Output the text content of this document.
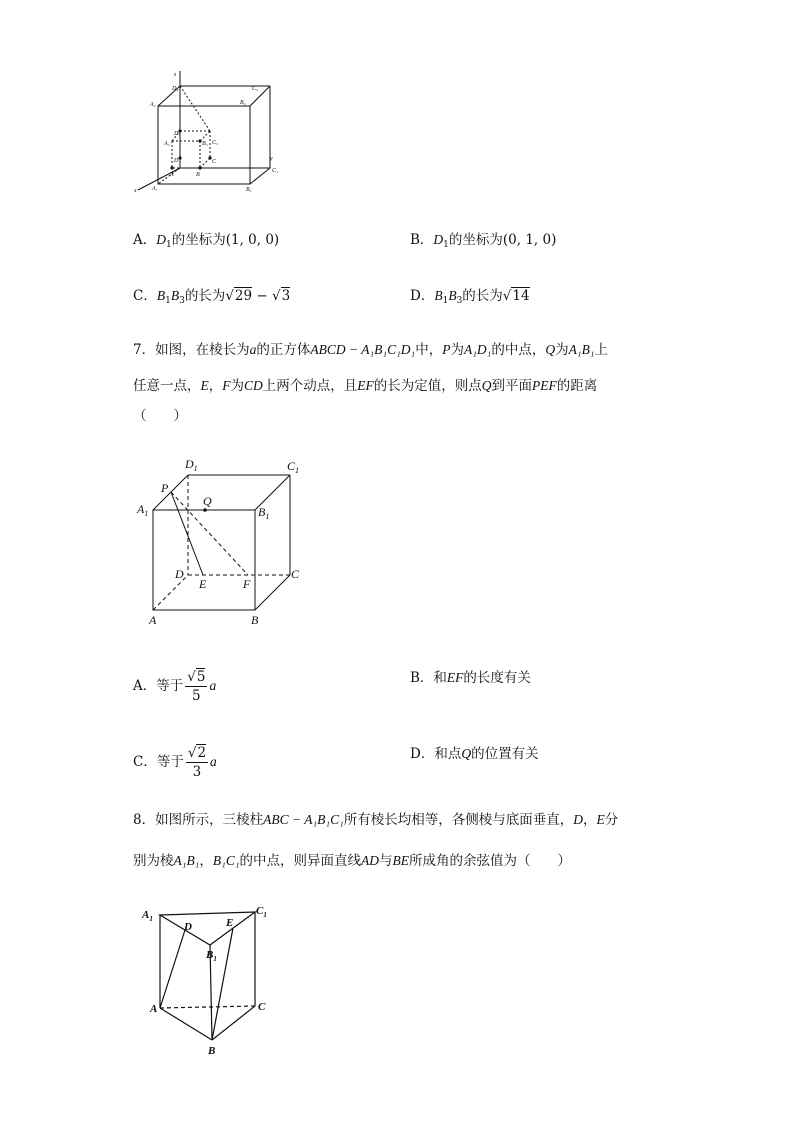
z
D₂	C₂
A₂	B₂
D₃
A₃	B₃ C₃
D	C
A	B
x
y
A₁	B₁
C₁
A．$D_1$的坐标为(1, 0, 0)	B．$D_1$的坐标为(0, 1, 0)
C．$B_1B_3$的长为√29 − √3	D．$B_1B_3$的长为√14
7．如图，在棱长为a的正方体ABCD − A₁B₁C₁D₁中，P为A₁D₁的中点，Q为A₁B₁上
任意一点，E，F为CD上两个动点，且EF的长为定值，则点Q到平面PEF的距离
（　　）
$D_1$	$C_1$
P
Q
$A_1$	$B_1$
D
E	F
C
A	B
A．等于 $\frac{√5}{5}$ a	B．和EF的长度有关
C．等于 $\frac{√2}{3}$ a	D．和点Q的位置有关
8．如图所示，三棱柱ABC − A₁B₁C₁所有棱长均相等，各侧棱与底面垂直，D，E分
别为棱A₁B₁，B₁C₁的中点，则异面直线AD与BE所成角的余弦值为（　　）
$A_1$
$C_1$
D	E
$B_1$
A	C
B
